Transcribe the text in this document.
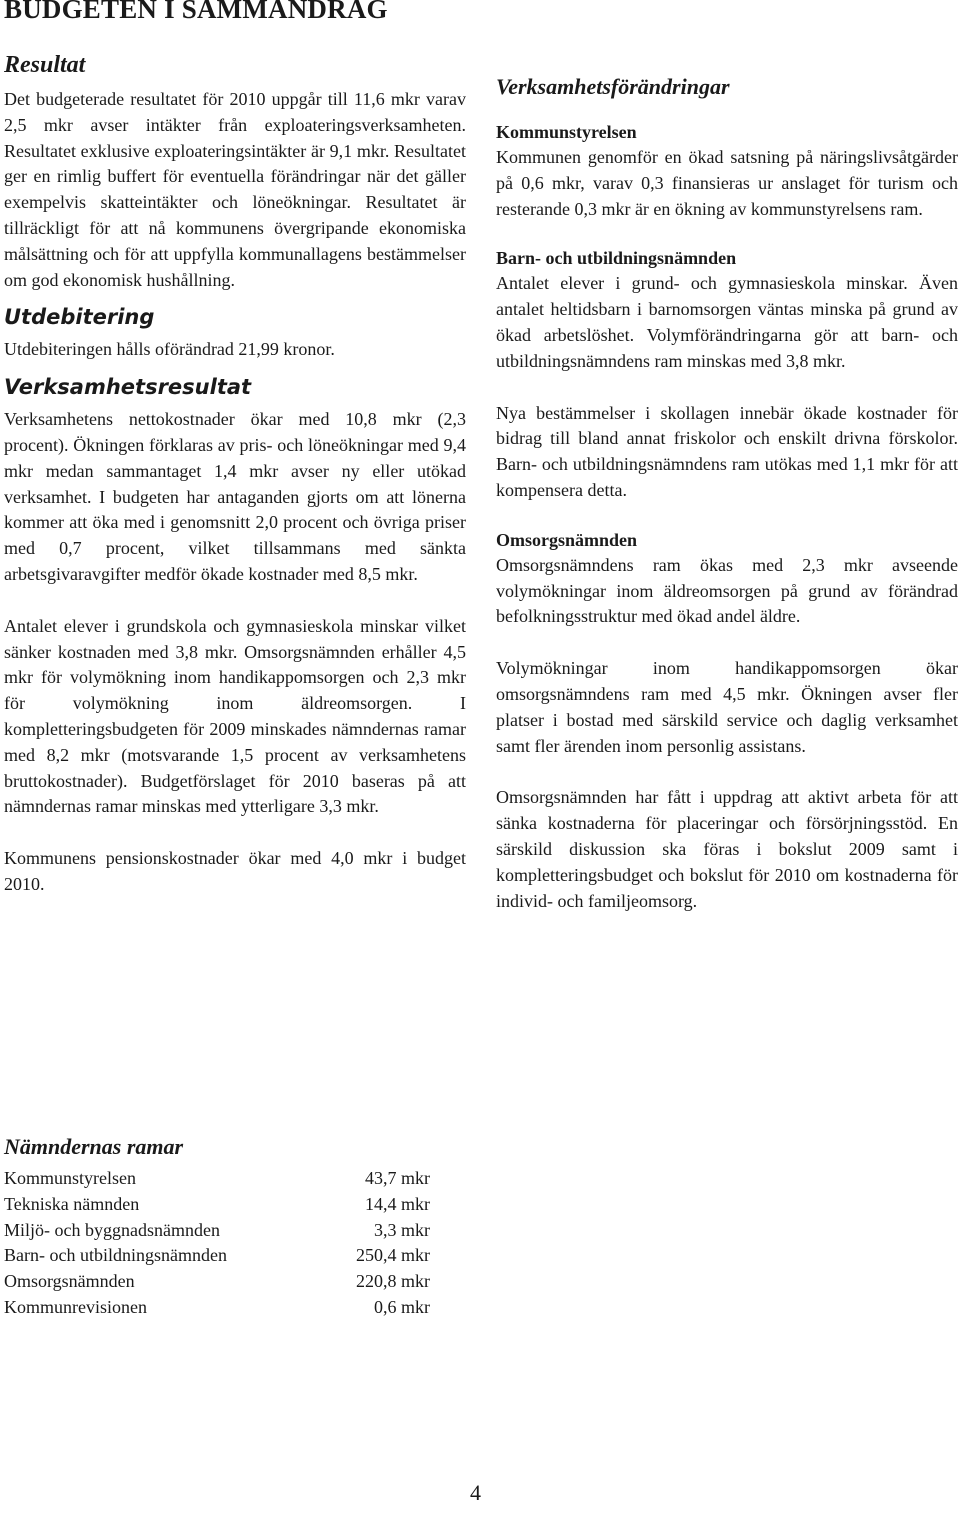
BUDGETEN I SAMMANDRAG
Resultat

Det budgeterade resultatet för 2010 uppgår till 11,6 mkr varav 2,5 mkr avser intäkter från exploateringsverksamheten. Resultatet exklusive exploateringsintäkter är 9,1 mkr. Resultatet ger en rimlig buffert för eventuella förändringar när det gäller exempelvis skatteintäkter och löneökningar. Resultatet är tillräckligt för att nå kommunens övergripande ekonomiska målsättning och för att uppfylla kommunallagens bestämmelser om god ekonomisk hushållning.

Utdebitering

Utdebiteringen hålls oförändrad 21,99 kronor.

Verksamhetsresultat

Verksamhetens nettokostnader ökar med 10,8 mkr (2,3 procent). Ökningen förklaras av pris- och löneökningar med 9,4 mkr medan sammantaget 1,4 mkr avser ny eller utökad verksamhet. I budgeten har antaganden gjorts om att lönerna kommer att öka med i genomsnitt 2,0 procent och övriga priser med 0,7 procent, vilket tillsammans med sänkta arbetsgivaravgifter medför ökade kostnader med 8,5 mkr.

Antalet elever i grundskola och gymnasieskola minskar vilket sänker kostnaden med 3,8 mkr. Omsorgsnämnden erhåller 4,5 mkr för volymökning inom handikappomsorgen och 2,3 mkr för volymökning inom äldreomsorgen. I kompletteringsbudgeten för 2009 minskades nämndernas ramar med 8,2 mkr (motsvarande 1,5 procent av verksamhetens bruttokostnader). Budgetförslaget för 2010 baseras på att nämndernas ramar minskas med ytterligare 3,3 mkr.

Kommunens pensionskostnader ökar med 4,0 mkr i budget 2010.

Verksamhetsförändringar
Kommunstyrelsen

Kommunen genomför en ökad satsning på näringslivsåtgärder på 0,6 mkr, varav 0,3 finansieras ur anslaget för turism och resterande 0,3 mkr är en ökning av kommunstyrelsens ram.

Barn- och utbildningsnämnden

Antalet elever i grund- och gymnasieskola minskar. Även antalet heltidsbarn i barnomsorgen väntas minska på grund av ökad arbetslöshet. Volymförändringarna gör att barn- och utbildningsnämndens ram minskas med 3,8 mkr.

Nya bestämmelser i skollagen innebär ökade kostnader för bidrag till bland annat friskolor och enskilt drivna förskolor. Barn- och utbildningsnämndens ram utökas med 1,1 mkr för att kompensera detta.

Omsorgsnämnden

Omsorgsnämndens ram ökas med 2,3 mkr avseende volymökningar inom äldreomsorgen på grund av förändrad befolkningsstruktur med ökad andel äldre.

Volymökningar inom handikappomsorgen ökar omsorgsnämndens ram med 4,5 mkr. Ökningen avser fler platser i bostad med särskild service och daglig verksamhet samt fler ärenden inom personlig assistans.

Omsorgsnämnden har fått i uppdrag att aktivt arbeta för att sänka kostnaderna för placeringar och försörjningsstöd. En särskild diskussion ska föras i bokslut 2009 samt i kompletteringsbudget och bokslut för 2010 om kostnaderna för individ- och familjeomsorg.

Nämndernas ramar
Kommunstyrelsen	43,7 mkr
Tekniska nämnden	14,4 mkr
Miljö- och byggnadsnämnden	3,3 mkr
Barn- och utbildningsnämnden	250,4 mkr
Omsorgsnämnden	220,8 mkr
Kommunrevisionen	0,6 mkr
4
